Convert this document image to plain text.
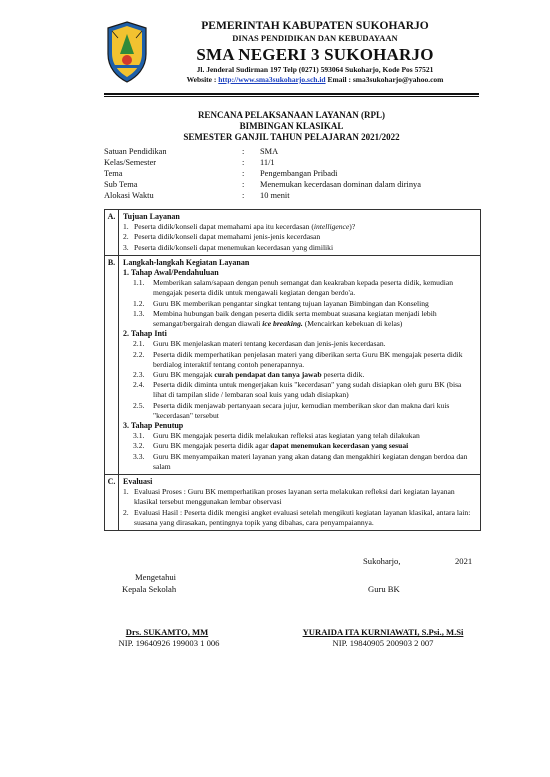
PEMERINTAH KABUPATEN SUKOHARJO
DINAS PENDIDIKAN DAN KEBUDAYAAN
SMA NEGERI 3 SUKOHARJO
Jl. Jenderal Sudirman 197 Telp (0271) 593064 Sukoharjo, Kode Pos 57521
Website : http://www.sma3sukoharjo.sch.id Email : sma3sukoharjo@yahoo.com
RENCANA PELAKSANAAN LAYANAN (RPL)
BIMBINGAN KLASIKAL
SEMESTER GANJIL TAHUN PELAJARAN 2021/2022
Satuan Pendidikan	:	SMA
Kelas/Semester	:	11/1
Tema	:	Pengembangan Pribadi
Sub Tema	:	Menemukan kecerdasan dominan dalam dirinya
Alokasi Waktu	:	10 menit
A. Tujuan Layanan
1. Peserta didik/konseli dapat memahami apa itu kecerdasan (intelligence)?
2. Peserta didik/konseli dapat memahami jenis-jenis kecerdasan
3. Peserta didik/konseli dapat menemukan kecerdasan yang dimiliki
B. Langkah-langkah Kegiatan Layanan
1. Tahap Awal/Pendahuluan
1.1.	Memberikan salam/sapaan dengan penuh semangat dan keakraban kepada peserta didik, kemudian mengajak peserta didik untuk mengawali kegiatan dengan berdo'a.
1.2.	Guru BK memberikan pengantar singkat tentang tujuan layanan Bimbingan dan Konseling
1.3.	Membina hubungan baik dengan peserta didik serta membuat suasana kegiatan menjadi lebih semangat/bergairah dengan diawali ice breaking. (Mencairkan kebekuan di kelas)
2. Tahap Inti
2.1.	Guru BK menjelaskan materi tentang kecerdasan dan jenis-jenis kecerdasan.
2.2.	Peserta didik memperhatikan penjelasan materi yang diberikan serta Guru BK mengajak peserta didik berdialog interaktif tentang contoh penerapannya.
2.3.	Guru BK mengajak curah pendapat dan tanya jawab peserta didik.
2.4.	Peserta didik diminta untuk mengerjakan kuis "kecerdasan" yang sudah disiapkan oleh guru BK (bisa lihat di tampilan slide / lembaran soal kuis yang udah disiapkan)
2.5.	Peserta didik menjawab pertanyaan secara jujur, kemudian memberikan skor dan makna dari kuis "kecerdasan" tersebut
3. Tahap Penutup
3.1.	Guru BK mengajak peserta didik melakukan refleksi atas kegiatan yang telah dilakukan
3.2.	Guru BK mengajak peserta didik agar dapat menemukan kecerdasan yang sesuai
3.3.	Guru BK menyampaikan materi layanan yang akan datang dan mengakhiri kegiatan dengan berdoa dan salam
C. Evaluasi
1. Evaluasi Proses : Guru BK memperhatikan proses layanan serta melakukan refleksi dari kegiatan layanan klasikal tersebut menggunakan lembar observasi
2. Evaluasi Hasil : Peserta didik mengisi angket evaluasi setelah mengikuti kegiatan layanan klasikal, antara lain: suasana yang dirasakan, pentingnya topik yang dibahas, cara penyampaiannya.
Sukoharjo,	2021
Mengetahui
Kepala Sekolah	Guru BK
Drs. SUKAMTO, MM
NIP. 19640926 199003 1 006
YURAIDA ITA KURNIAWATI, S.Psi., M.Si
NIP. 19840905 200903 2 007
